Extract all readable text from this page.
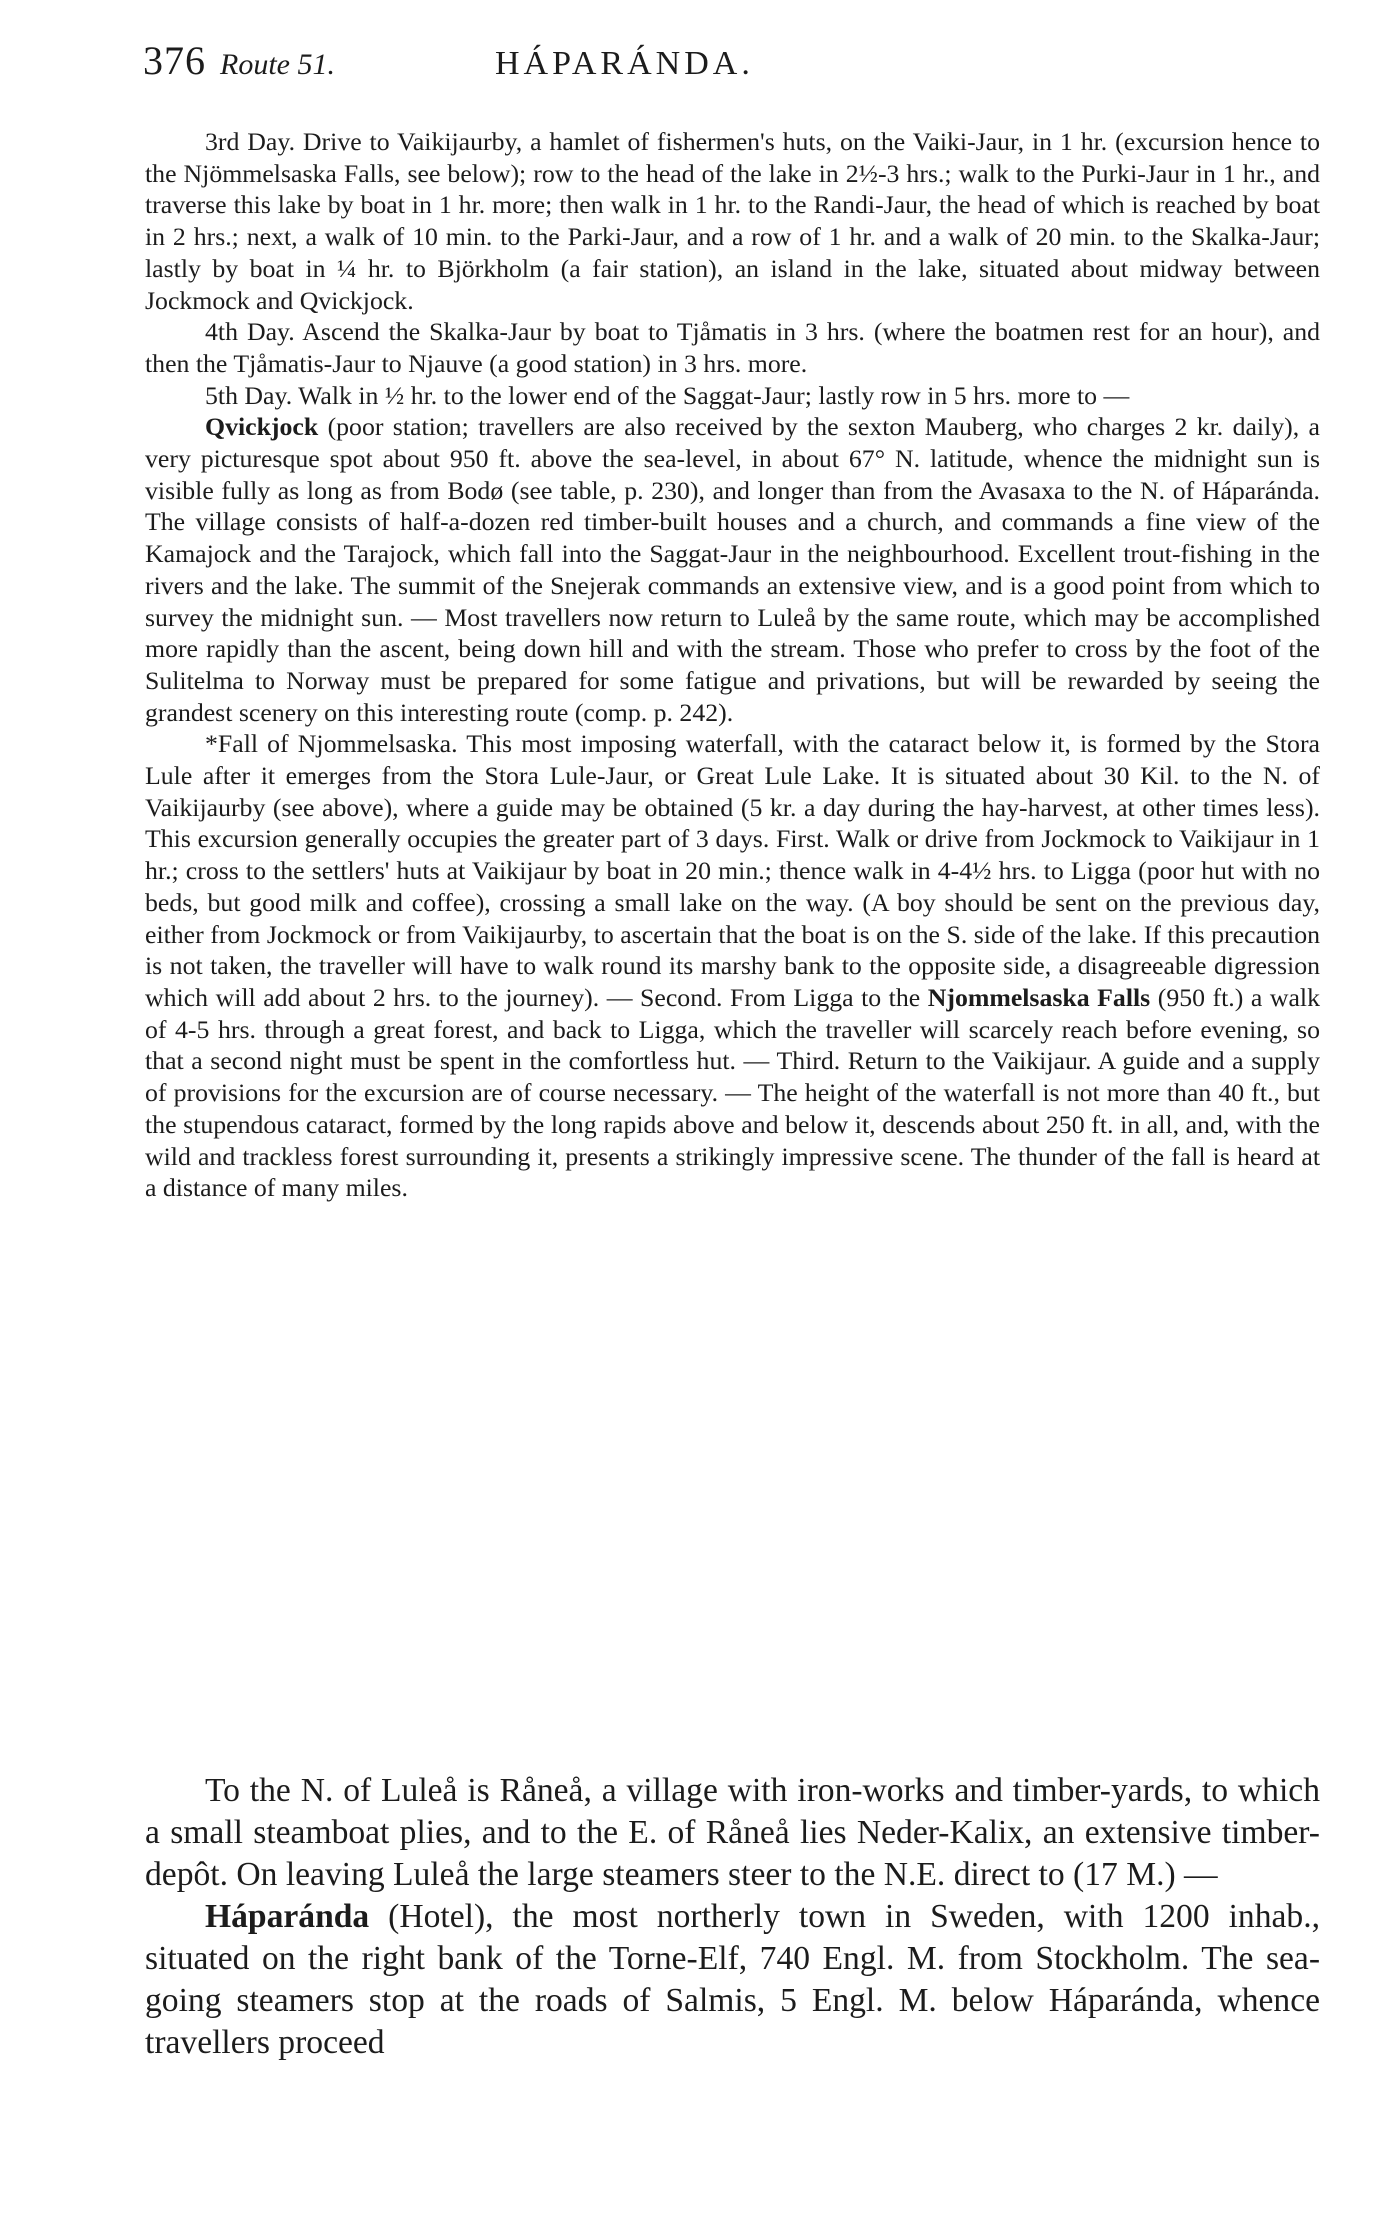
376 Route 51.	HÁPARÁNDA.

3rd Day. Drive to Vaikijaurby, a hamlet of fishermen's huts, on the Vaiki-Jaur, in 1 hr. (excursion hence to the Njömmelsaska Falls, see below); row to the head of the lake in 2½-3 hrs.; walk to the Purki-Jaur in 1 hr., and traverse this lake by boat in 1 hr. more; then walk in 1 hr. to the Randi-Jaur, the head of which is reached by boat in 2 hrs.; next, a walk of 10 min. to the Parki-Jaur, and a row of 1 hr. and a walk of 20 min. to the Skalka-Jaur; lastly by boat in ¼ hr. to Björkholm (a fair station), an island in the lake, situated about midway between Jockmock and Qvickjock.

4th Day. Ascend the Skalka-Jaur by boat to Tjåmatis in 3 hrs. (where the boatmen rest for an hour), and then the Tjåmatis-Jaur to Njauve (a good station) in 3 hrs. more.

5th Day. Walk in ½ hr. to the lower end of the Saggat-Jaur; lastly row in 5 hrs. more to —

Qvickjock (poor station; travellers are also received by the sexton Mauberg, who charges 2 kr. daily), a very picturesque spot about 950 ft. above the sea-level, in about 67° N. latitude, whence the midnight sun is visible fully as long as from Bodø (see table, p. 230), and longer than from the Avasaxa to the N. of Háparánda. The village consists of half-a-dozen red timber-built houses and a church, and commands a fine view of the Kamajock and the Tarajock, which fall into the Saggat-Jaur in the neighbourhood. Excellent trout-fishing in the rivers and the lake. The summit of the Snejerak commands an extensive view, and is a good point from which to survey the midnight sun. — Most travellers now return to Luleå by the same route, which may be accomplished more rapidly than the ascent, being down hill and with the stream. Those who prefer to cross by the foot of the Sulitelma to Norway must be prepared for some fatigue and privations, but will be rewarded by seeing the grandest scenery on this interesting route (comp. p. 242).

*Fall of Njommelsaska. This most imposing waterfall, with the cataract below it, is formed by the Stora Lule after it emerges from the Stora Lule-Jaur, or Great Lule Lake. It is situated about 30 Kil. to the N. of Vaikijaurby (see above), where a guide may be obtained (5 kr. a day during the hay-harvest, at other times less). This excursion generally occupies the greater part of 3 days. First. Walk or drive from Jockmock to Vaikijaur in 1 hr.; cross to the settlers' huts at Vaikijaur by boat in 20 min.; thence walk in 4-4½ hrs. to Ligga (poor hut with no beds, but good milk and coffee), crossing a small lake on the way. (A boy should be sent on the previous day, either from Jockmock or from Vaikijaurby, to ascertain that the boat is on the S. side of the lake. If this precaution is not taken, the traveller will have to walk round its marshy bank to the opposite side, a disagreeable digression which will add about 2 hrs. to the journey). — Second. From Ligga to the Njommelsaska Falls (950 ft.) a walk of 4-5 hrs. through a great forest, and back to Ligga, which the traveller will scarcely reach before evening, so that a second night must be spent in the comfortless hut. — Third. Return to the Vaikijaur. A guide and a supply of provisions for the excursion are of course necessary. — The height of the waterfall is not more than 40 ft., but the stupendous cataract, formed by the long rapids above and below it, descends about 250 ft. in all, and, with the wild and trackless forest surrounding it, presents a strikingly impressive scene. The thunder of the fall is heard at a distance of many miles.

To the N. of Luleå is Råneå, a village with iron-works and timber-yards, to which a small steamboat plies, and to the E. of Råneå lies Neder-Kalix, an extensive timber-depôt. On leaving Luleå the large steamers steer to the N.E. direct to (17 M.) —

Háparánda (Hotel), the most northerly town in Sweden, with 1200 inhab., situated on the right bank of the Torne-Elf, 740 Engl. M. from Stockholm. The sea-going steamers stop at the roads of Salmis, 5 Engl. M. below Háparánda, whence travellers proceed
